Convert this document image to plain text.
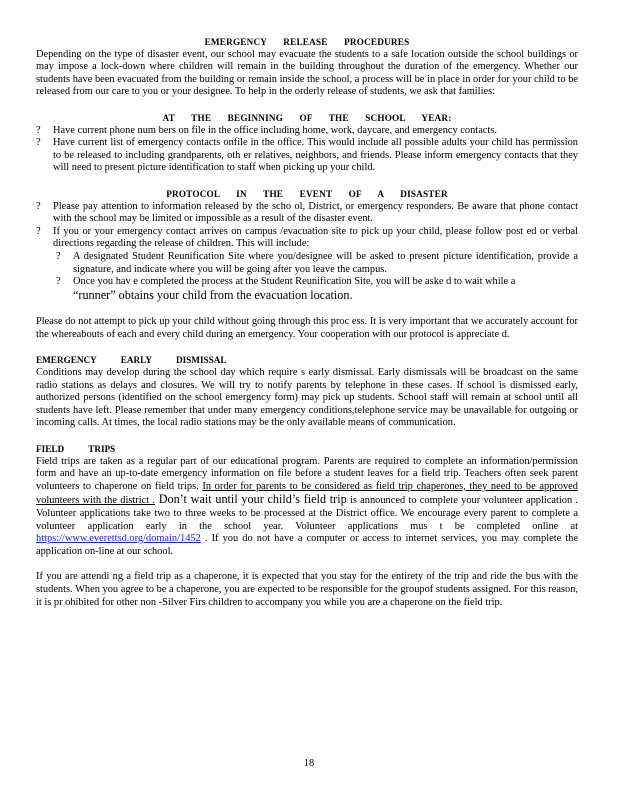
EMERGENCY RELEASE PROCEDURES

Depending on the type of disaster event, our school may evacuate the students to a safe location outside the school buildings or may impose a lock-down where children will remain in the building throughout the duration of the emergency. Whether our students have been evacuated from the building or remain inside the school, a process will be in place in order for your child to be released from our care to you or your designee. To help in the orderly release of students, we ask that families:

AT THE BEGINNING OF THE SCHOOL YEAR:
? Have current phone num bers on file in the office including home, work, daycare, and emergency contacts.
? Have current list of emergency contacts onfile in the office. This would include all possible adults your child has permission to be released to including grandparents, oth er relatives, neighbors, and friends. Please inform emergency contacts that they will need to present picture identification to staff when picking up your child.
PROTOCOL IN THE EVENT OF A DISASTER
? Please pay attention to information released by the scho ol, District, or emergency responders. Be aware that phone contact with the school may be limited or impossible as a result of the disaster event.
? If you or your emergency contact arrives on campus /evacuation site to pick up your child, please follow post ed or verbal directions regarding the release of children. This will include:
? A designated Student Reunification Site where you/designee will be asked to present picture identification, provide a signature, and indicate where you will be going after you leave the campus.
? Once you hav e completed the process at the Student Reunification Site, you will be aske d to wait while a
“runner” obtains your child from the evacuation location.

Please do not attempt to pick up your child without going through this proc ess. It is very important that we accurately account for the whereabouts of each and every child during an emergency. Your cooperation with our protocol is appreciate d.

EMERGENCY EARLY DISMISSAL

Conditions may develop during the school day which require s early dismissal. Early dismissals will be broadcast on the same radio stations as delays and closures. We will try to notify parents by telephone in these cases. If school is dismissed early, authorized persons (identified on the school emergency form) may pick up students. School staff will remain at school until all students have left. Please remember that under many emergency conditions,telephone service may be unavailable for outgoing or incoming calls. At times, the local radio stations may be the only available means of communication.

FIELD TRIPS

Field trips are taken as a regular part of our educational program. Parents are required to complete an information/permission form and have an up-to-date emergency information on file before a student leaves for a field trip. Teachers often seek parent volunteers to chaperone on field trips. In order for parents to be considered as field trip chaperones, they need to be approved volunteers with the district . Don’t wait until your child’s field trip is announced to complete your volunteer application . Volunteer applications take two to three weeks to be processed at the District office. We encourage every parent to complete a volunteer application early in the school year. Volunteer applications mus t be completed online at https://www.everettsd.org/domain/1452 . If you do not have a computer or access to internet services, you may complete the application on-line at our school.

If you are attendi ng a field trip as a chaperone, it is expected that you stay for the entirety of the trip and ride the bus with the students. When you agree to be a chaperone, you are expected to be responsible for the groupof students assigned. For this reason, it is pr ohibited for other non -Silver Firs children to accompany you while you are a chaperone on the field trip.

18
